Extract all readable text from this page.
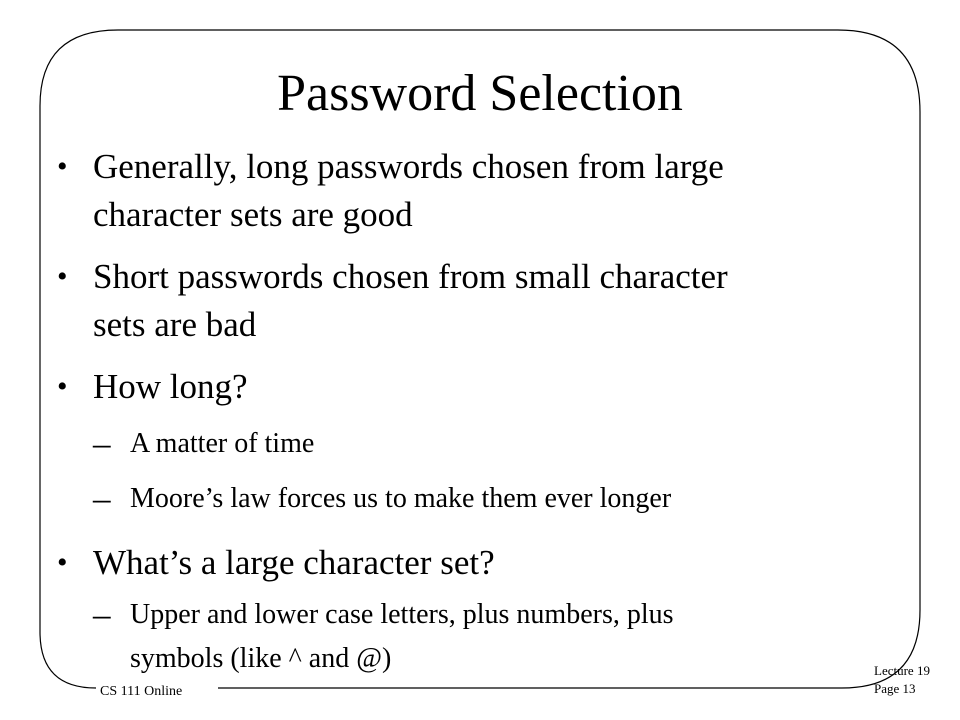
Password Selection
• Generally, long passwords chosen from large
character sets are good
• Short passwords chosen from small character
sets are bad
• How long?
– A matter of time
– Moore’s law forces us to make them ever longer
• What’s a large character set?
– Upper and lower case letters, plus numbers, plus
symbols (like ^ and @)
CS 111 Online
Lecture 19
Page 13
